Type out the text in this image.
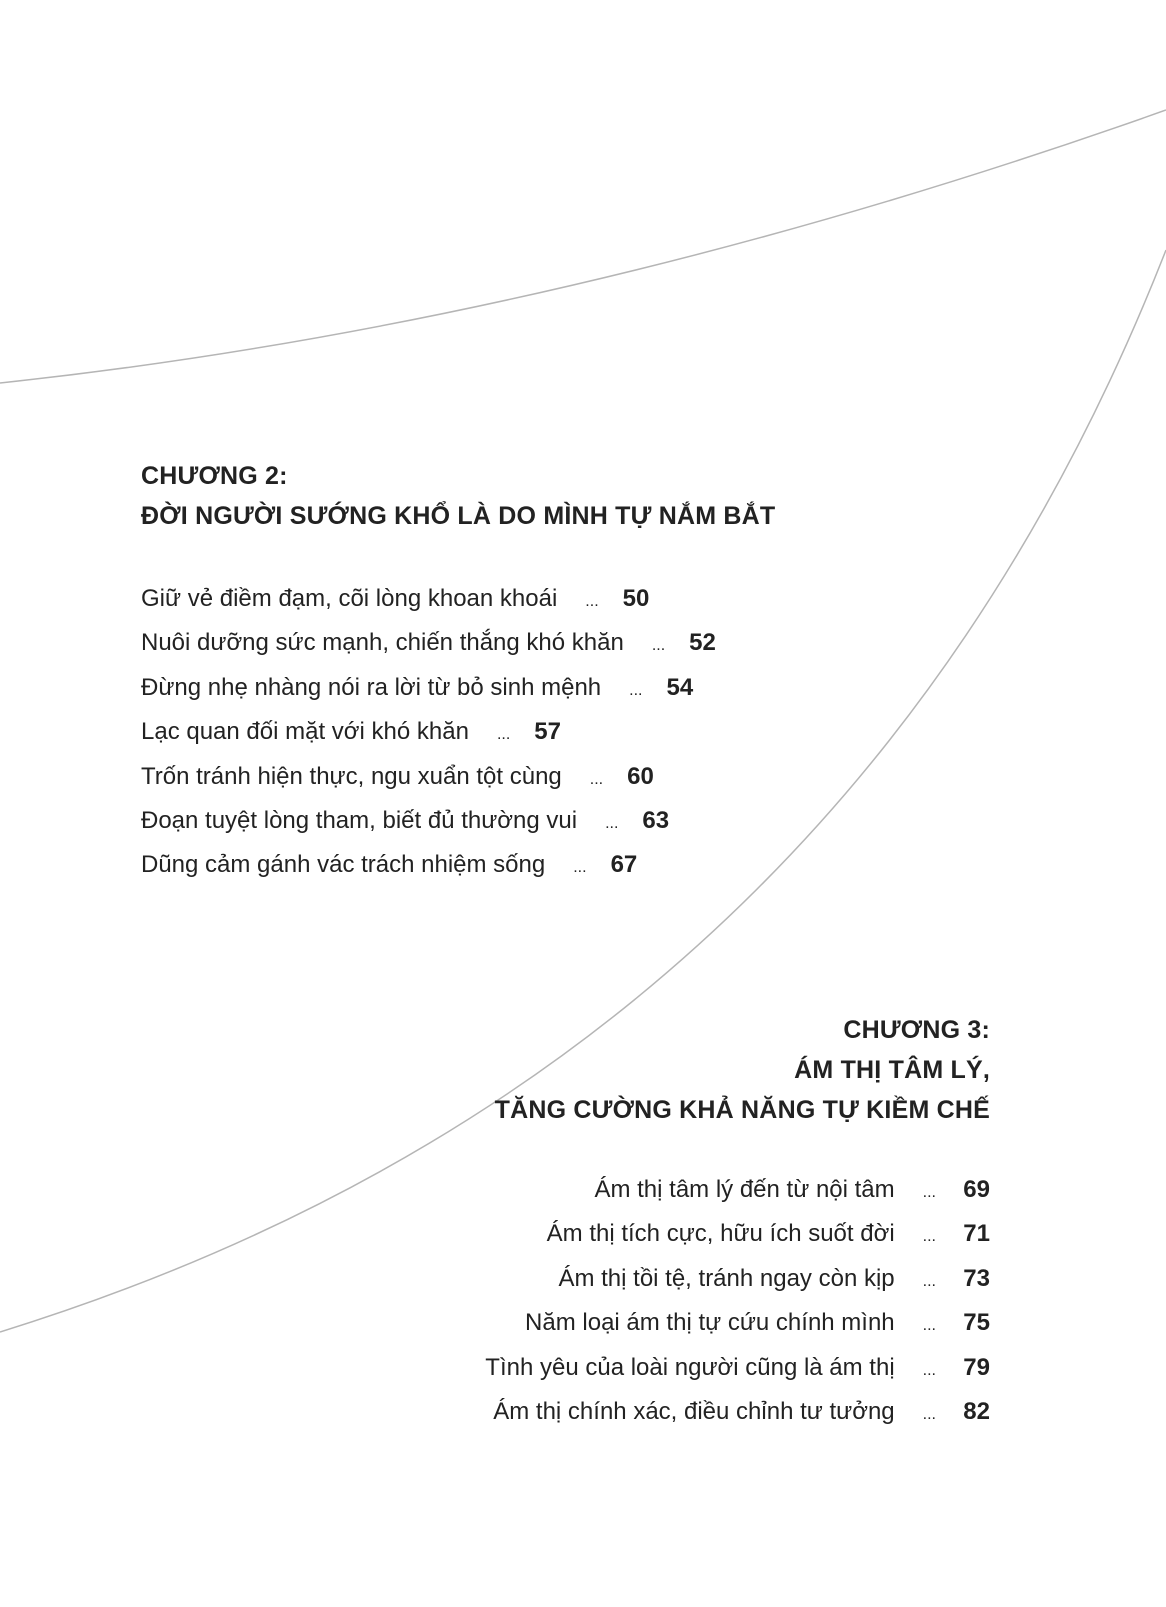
CHƯƠNG 2:
ĐỜI NGƯỜI SƯỚNG KHỔ LÀ DO MÌNH TỰ NẮM BẮT
Giữ vẻ điềm đạm, cõi lòng khoan khoái ... 50
Nuôi dưỡng sức mạnh, chiến thắng khó khăn ... 52
Đừng nhẹ nhàng nói ra lời từ bỏ sinh mệnh ... 54
Lạc quan đối mặt với khó khăn ... 57
Trốn tránh hiện thực, ngu xuẩn tột cùng ... 60
Đoạn tuyệt lòng tham, biết đủ thường vui ... 63
Dũng cảm gánh vác trách nhiệm sống ... 67
CHƯƠNG 3:
ÁM THỊ TÂM LÝ,
TĂNG CƯỜNG KHẢ NĂNG TỰ KIỀM CHẾ
Ám thị tâm lý đến từ nội tâm ... 69
Ám thị tích cực, hữu ích suốt đời ... 71
Ám thị tồi tệ, tránh ngay còn kịp ... 73
Năm loại ám thị tự cứu chính mình ... 75
Tình yêu của loài người cũng là ám thị ... 79
Ám thị chính xác, điều chỉnh tư tưởng ... 82
